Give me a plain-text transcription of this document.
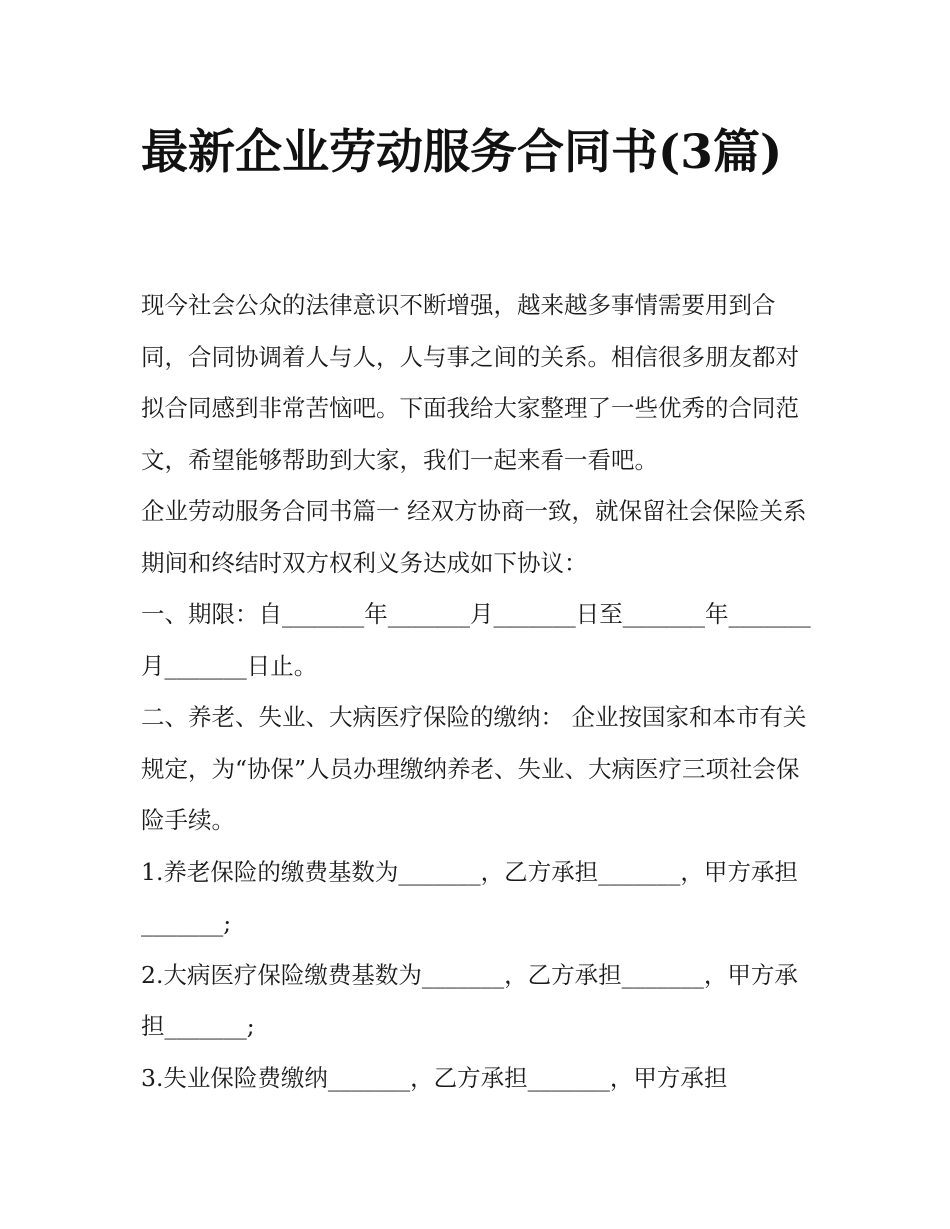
最新企业劳动服务合同书(3篇)

现今社会公众的法律意识不断增强，越来越多事情需要用到合同，合同协调着人与人，人与事之间的关系。相信很多朋友都对拟合同感到非常苦恼吧。下面我给大家整理了一些优秀的合同范文，希望能够帮助到大家，我们一起来看一看吧。

企业劳动服务合同书篇一 经双方协商一致，就保留社会保险关系期间和终结时双方权利义务达成如下协议：

一、期限：自_______年_______月_______日至_______年_______月_______日止。

二、养老、失业、大病医疗保险的缴纳： 企业按国家和本市有关规定，为“协保”人员办理缴纳养老、失业、大病医疗三项社会保险手续。

1.养老保险的缴费基数为_______，乙方承担_______，甲方承担_______;

2.大病医疗保险缴费基数为_______，乙方承担_______，甲方承担_______;

3.失业保险费缴纳_______，乙方承担_______，甲方承担
